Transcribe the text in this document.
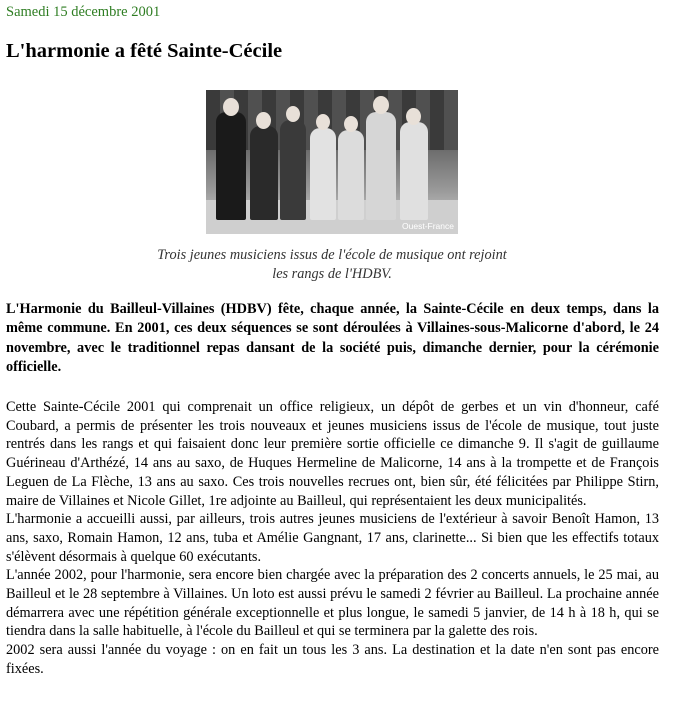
Samedi 15 décembre 2001
L'harmonie a fêté Sainte-Cécile
Ouest-France

Trois jeunes musiciens issus de l'école de musique ont rejoint les rangs de l'HDBV.

L'Harmonie du Bailleul-Villaines (HDBV) fête, chaque année, la Sainte-Cécile en deux temps, dans la même commune. En 2001, ces deux séquences se sont déroulées à Villaines-sous-Malicorne d'abord, le 24 novembre, avec le traditionnel repas dansant de la société puis, dimanche dernier, pour la cérémonie officielle.

Cette Sainte-Cécile 2001 qui comprenait un office religieux, un dépôt de gerbes et un vin d'honneur, café Coubard, a permis de présenter les trois nouveaux et jeunes musiciens issus de l'école de musique, tout juste rentrés dans les rangs et qui faisaient donc leur première sortie officielle ce dimanche 9. Il s'agit de guillaume Guérineau d'Arthézé, 14 ans au saxo, de Huques Hermeline de Malicorne, 14 ans à la trompette et de François Leguen de La Flèche, 13 ans au saxo. Ces trois nouvelles recrues ont, bien sûr, été félicitées par Philippe Stirn, maire de Villaines et Nicole Gillet, 1re adjointe au Bailleul, qui représentaient les deux municipalités.

L'harmonie a accueilli aussi, par ailleurs, trois autres jeunes musiciens de l'extérieur à savoir Benoît Hamon, 13 ans, saxo, Romain Hamon, 12 ans, tuba et Amélie Gangnant, 17 ans, clarinette... Si bien que les effectifs totaux s'élèvent désormais à quelque 60 exécutants.

L'année 2002, pour l'harmonie, sera encore bien chargée avec la préparation des 2 concerts annuels, le 25 mai, au Bailleul et le 28 septembre à Villaines. Un loto est aussi prévu le samedi 2 février au Bailleul. La prochaine année démarrera avec une répétition générale exceptionnelle et plus longue, le samedi 5 janvier, de 14 h à 18 h, qui se tiendra dans la salle habituelle, à l'école du Bailleul et qui se terminera par la galette des rois.

2002 sera aussi l'année du voyage : on en fait un tous les 3 ans. La destination et la date n'en sont pas encore fixées.
